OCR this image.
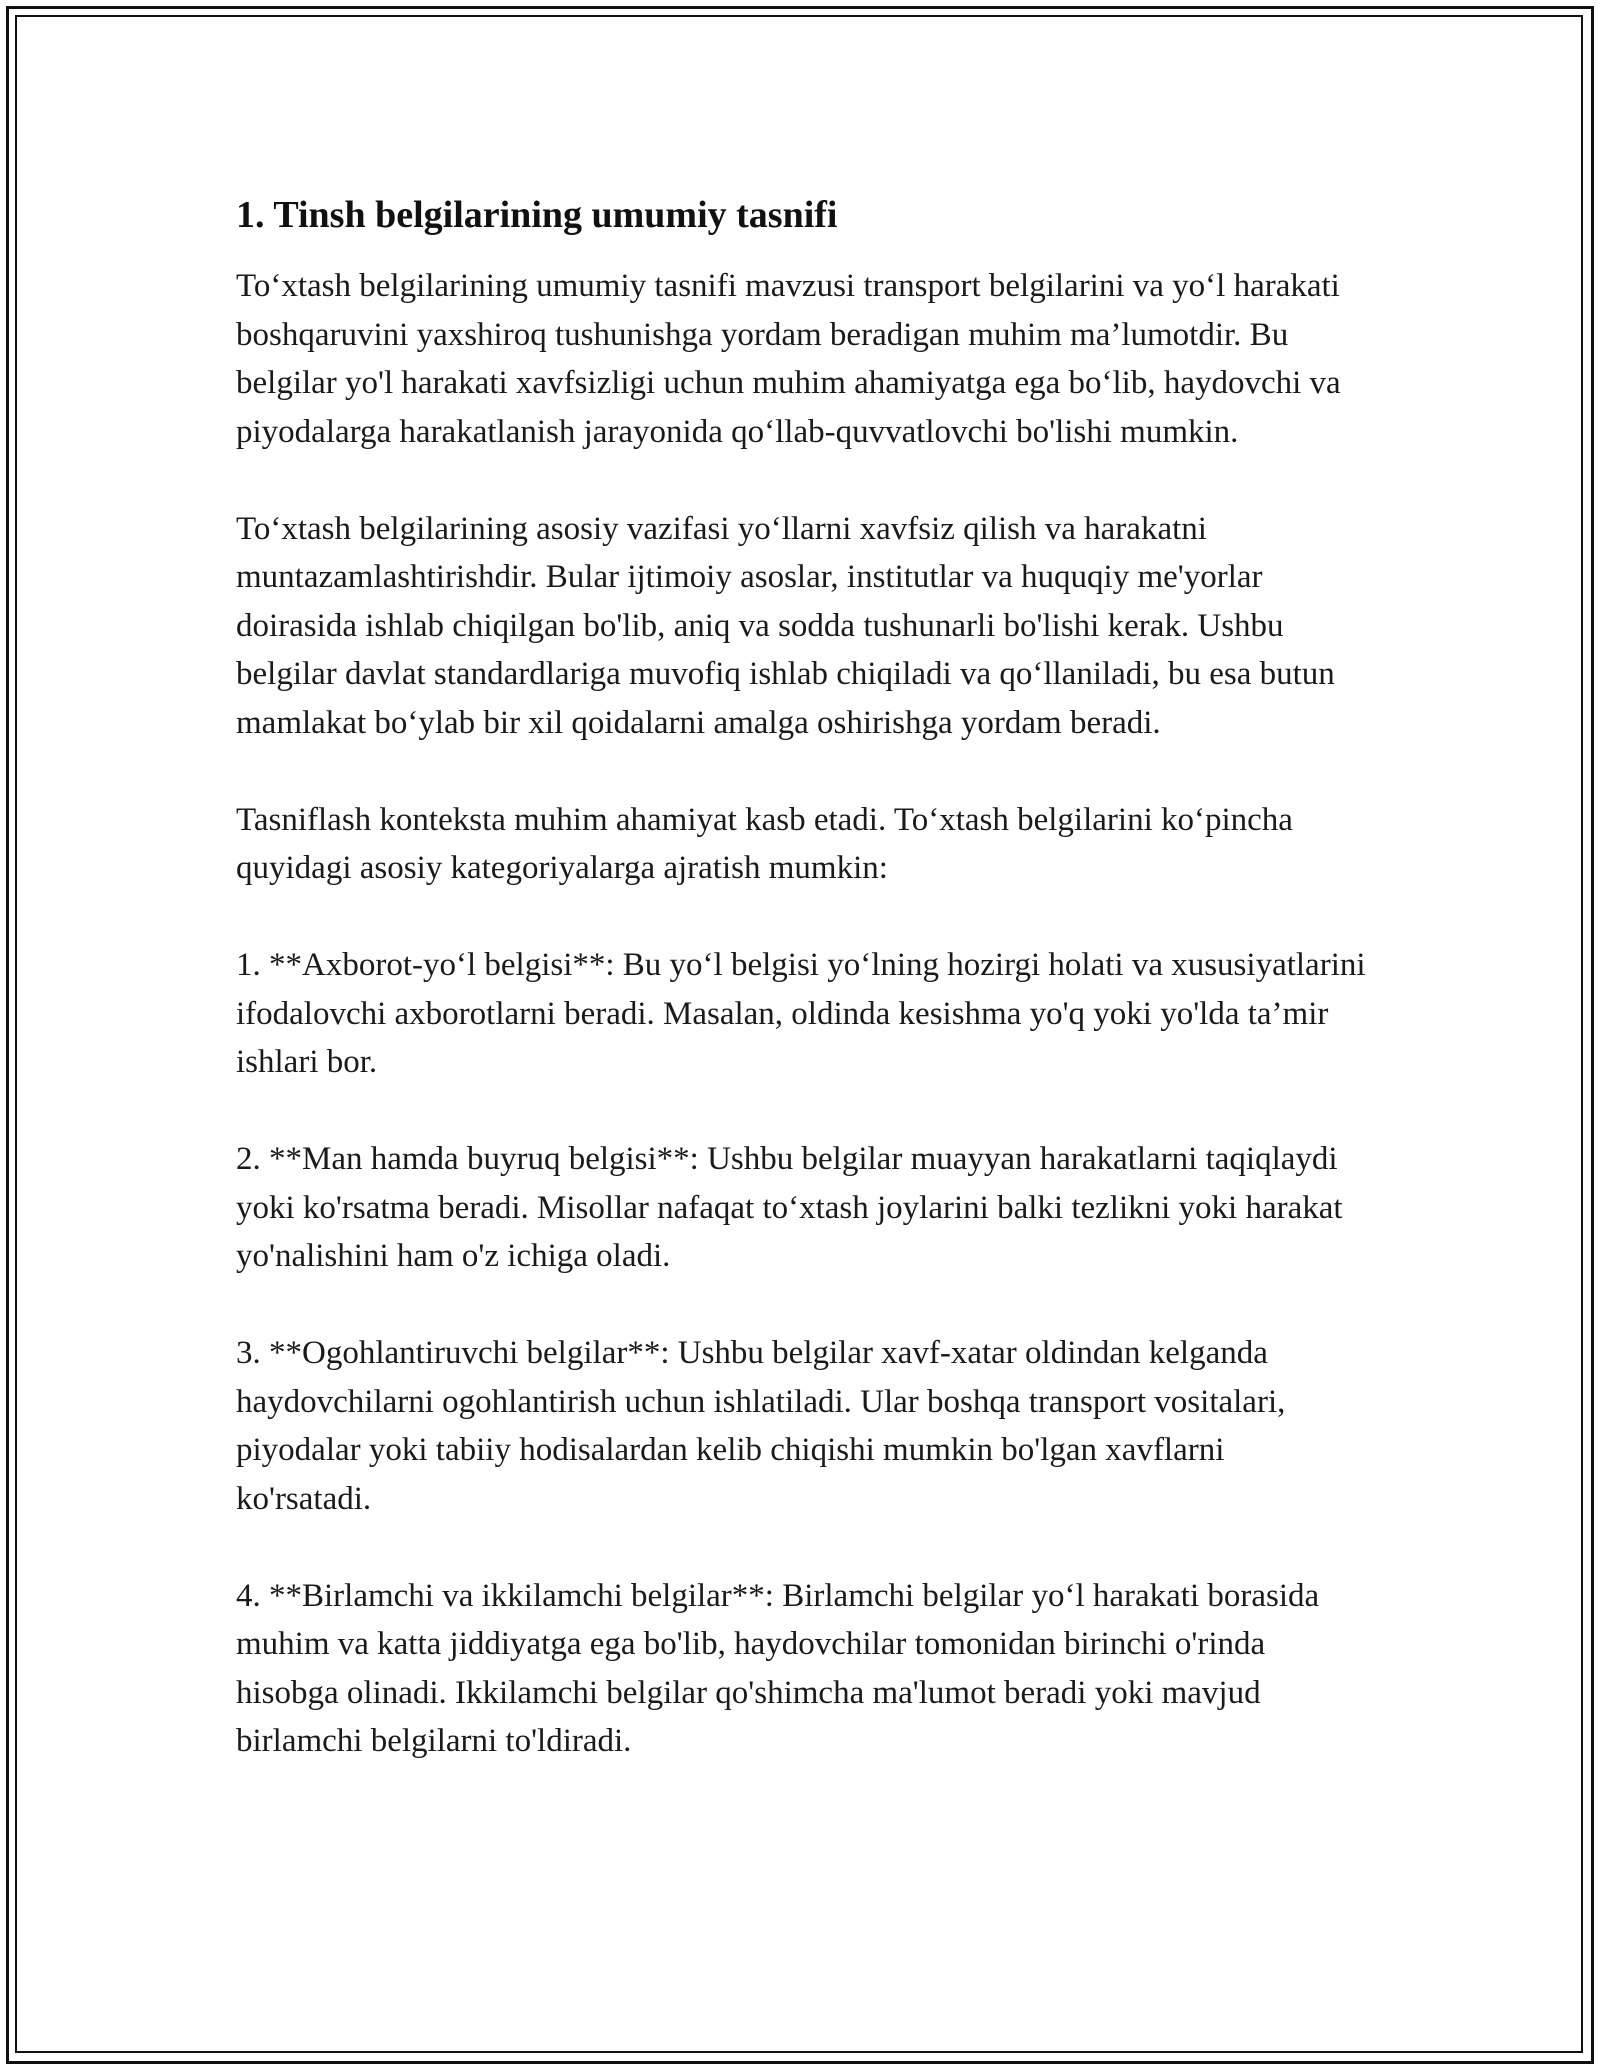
1. Tinsh belgilarining umumiy tasnifi

To‘xtash belgilarining umumiy tasnifi mavzusi transport belgilarini va yo‘l harakati boshqaruvini yaxshiroq tushunishga yordam beradigan muhim ma’lumotdir. Bu belgilar yo'l harakati xavfsizligi uchun muhim ahamiyatga ega bo‘lib, haydovchi va piyodalarga harakatlanish jarayonida qo‘llab-quvvatlovchi bo'lishi mumkin.

To‘xtash belgilarining asosiy vazifasi yo‘llarni xavfsiz qilish va harakatni muntazamlashtirishdir. Bular ijtimoiy asoslar, institutlar va huquqiy me'yorlar doirasida ishlab chiqilgan bo'lib, aniq va sodda tushunarli bo'lishi kerak. Ushbu belgilar davlat standardlariga muvofiq ishlab chiqiladi va qo‘llaniladi, bu esa butun mamlakat bo‘ylab bir xil qoidalarni amalga oshirishga yordam beradi.

Tasniflash konteksta muhim ahamiyat kasb etadi. To‘xtash belgilarini ko‘pincha quyidagi asosiy kategoriyalarga ajratish mumkin:

1. **Axborot-yo‘l belgisi**: Bu yo‘l belgisi yo‘lning hozirgi holati va xususiyatlarini ifodalovchi axborotlarni beradi. Masalan, oldinda kesishma yo'q yoki yo'lda ta’mir ishlari bor.

2. **Man hamda buyruq belgisi**: Ushbu belgilar muayyan harakatlarni taqiqlaydi yoki ko'rsatma beradi. Misollar nafaqat to‘xtash joylarini balki tezlikni yoki harakat yo'nalishini ham o'z ichiga oladi.

3. **Ogohlantiruvchi belgilar**: Ushbu belgilar xavf-xatar oldindan kelganda haydovchilarni ogohlantirish uchun ishlatiladi. Ular boshqa transport vositalari, piyodalar yoki tabiiy hodisalardan kelib chiqishi mumkin bo'lgan xavflarni ko'rsatadi.

4. **Birlamchi va ikkilamchi belgilar**: Birlamchi belgilar yo‘l harakati borasida muhim va katta jiddiyatga ega bo'lib, haydovchilar tomonidan birinchi o'rinda hisobga olinadi. Ikkilamchi belgilar qo'shimcha ma'lumot beradi yoki mavjud birlamchi belgilarni to'ldiradi.
